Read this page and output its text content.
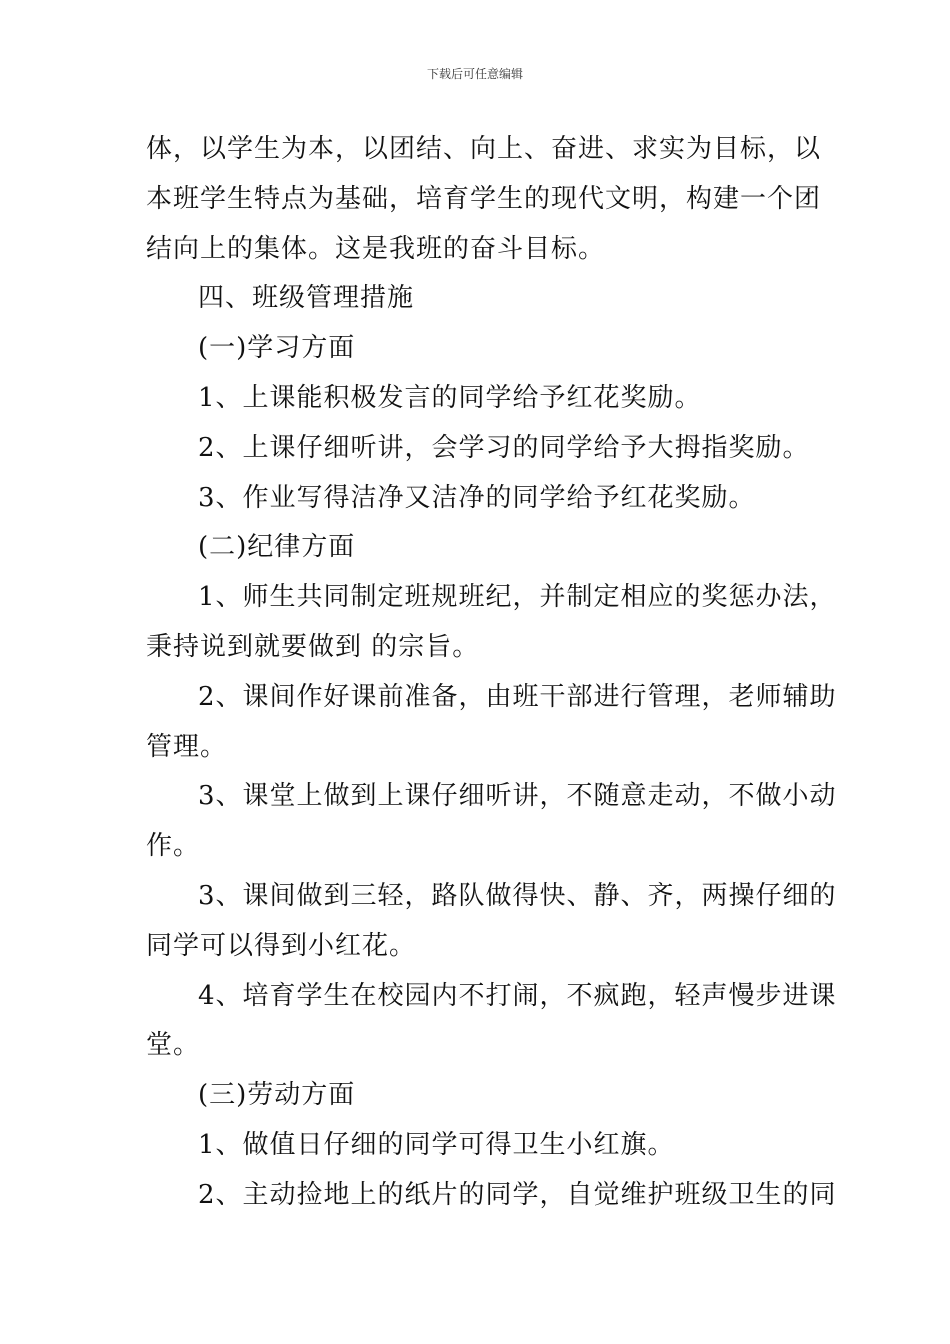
下载后可任意编辑

体，以学生为本，以团结、向上、奋进、求实为目标，以

本班学生特点为基础，培育学生的现代文明，构建一个团

结向上的集体。这是我班的奋斗目标。

四、班级管理措施

(一)学习方面

1、上课能积极发言的同学给予红花奖励。

2、上课仔细听讲，会学习的同学给予大拇指奖励。

3、作业写得洁净又洁净的同学给予红花奖励。

(二)纪律方面

1、师生共同制定班规班纪，并制定相应的奖惩办法，

秉持说到就要做到 的宗旨。

2、课间作好课前准备，由班干部进行管理，老师辅助

管理。

3、课堂上做到上课仔细听讲，不随意走动，不做小动

作。

3、课间做到三轻，路队做得快、静、齐，两操仔细的

同学可以得到小红花。

4、培育学生在校园内不打闹，不疯跑，轻声慢步进课

堂。

(三)劳动方面

1、做值日仔细的同学可得卫生小红旗。

2、主动捡地上的纸片的同学，自觉维护班级卫生的同
